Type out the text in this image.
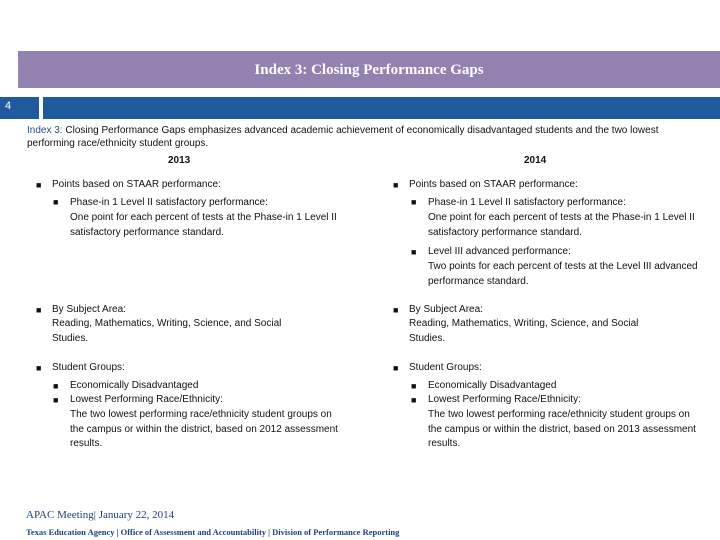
Index 3: Closing Performance Gaps
4
Index 3: Closing Performance Gaps emphasizes advanced academic achievement of economically disadvantaged students and the two lowest performing race/ethnicity student groups.
2013	2014
■ Points based on STAAR performance:
■ Phase-in 1 Level II satisfactory performance:
One point for each percent of tests at the Phase-in 1 Level II satisfactory performance standard.
■ By Subject Area:
Reading, Mathematics, Writing, Science, and Social Studies.
■ Student Groups:
■ Economically Disadvantaged
■ Lowest Performing Race/Ethnicity:
The two lowest performing race/ethnicity student groups on the campus or within the district, based on 2012 assessment results.
■ Points based on STAAR performance:
■ Phase-in 1 Level II satisfactory performance:
One point for each percent of tests at the Phase-in 1 Level II satisfactory performance standard.
■ Level III advanced performance:
Two points for each percent of tests at the Level III advanced performance standard.
■ By Subject Area:
Reading, Mathematics, Writing, Science, and Social Studies.
■ Student Groups:
■ Economically Disadvantaged
■ Lowest Performing Race/Ethnicity:
The two lowest performing race/ethnicity student groups on the campus or within the district, based on 2013 assessment results.
APAC Meeting| January 22, 2014
Texas Education Agency | Office of Assessment and Accountability | Division of Performance Reporting
